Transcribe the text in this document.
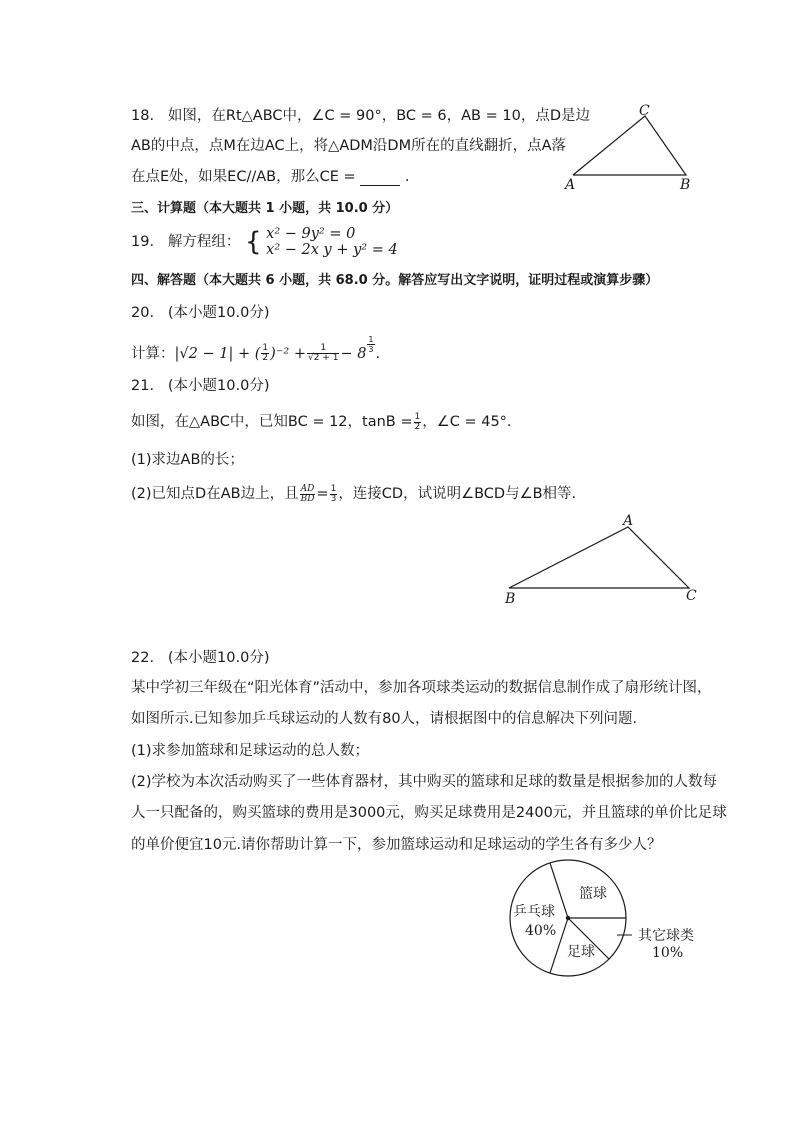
18. 如图，在Rt△ABC中，∠C = 90°，BC = 6，AB = 10，点D是边
AB的中点，点M在边AC上，将△ADM沿DM所在的直线翻折，点A落
在点E处，如果EC//AB，那么CE =	.
C
A	B
三、计算题（本大题共 1 小题，共 10.0 分）
19. 解方程组： { x² − 9y² = 0
x² − 2x y + y² = 4
四、解答题（本大题共 6 小题，共 68.0 分。解答应写出文字说明，证明过程或演算步骤）
20. (本小题10.0分)
计算：|√2 − 1| + ( $\frac{1}{2} )^{-2} + \frac{1}{√2 + 1} - 8 \frac{1}{3}$ .
21. (本小题10.0分)
如图，在△ABC中，已知BC = 12，$\tan B = \frac{1}{2}$ ，∠C = 45°.
(1)求边AB的长；
(2)已知点D在AB边上，且 $\frac{AD}{BD} = \frac{1}{3}$ ，连接CD，试说明∠BCD与∠B相等.
A
B	C
22. (本小题10.0分)
某中学初三年级在“阳光体育”活动中，参加各项球类运动的数据信息制作成了扇形统计图，
如图所示.已知参加乒乓球运动的人数有80人，请根据图中的信息解决下列问题.
(1)求参加篮球和足球运动的总人数；
(2)学校为本次活动购买了一些体育器材，其中购买的篮球和足球的数量是根据参加的人数每
人一只配备的，购买篮球的费用是3000元，购买足球费用是2400元，并且篮球的单价比足球
的单价便宜10元.请你帮助计算一下，参加篮球运动和足球运动的学生各有多少人？
乒乓球
40%
篮球
足球
其它球类
10%
